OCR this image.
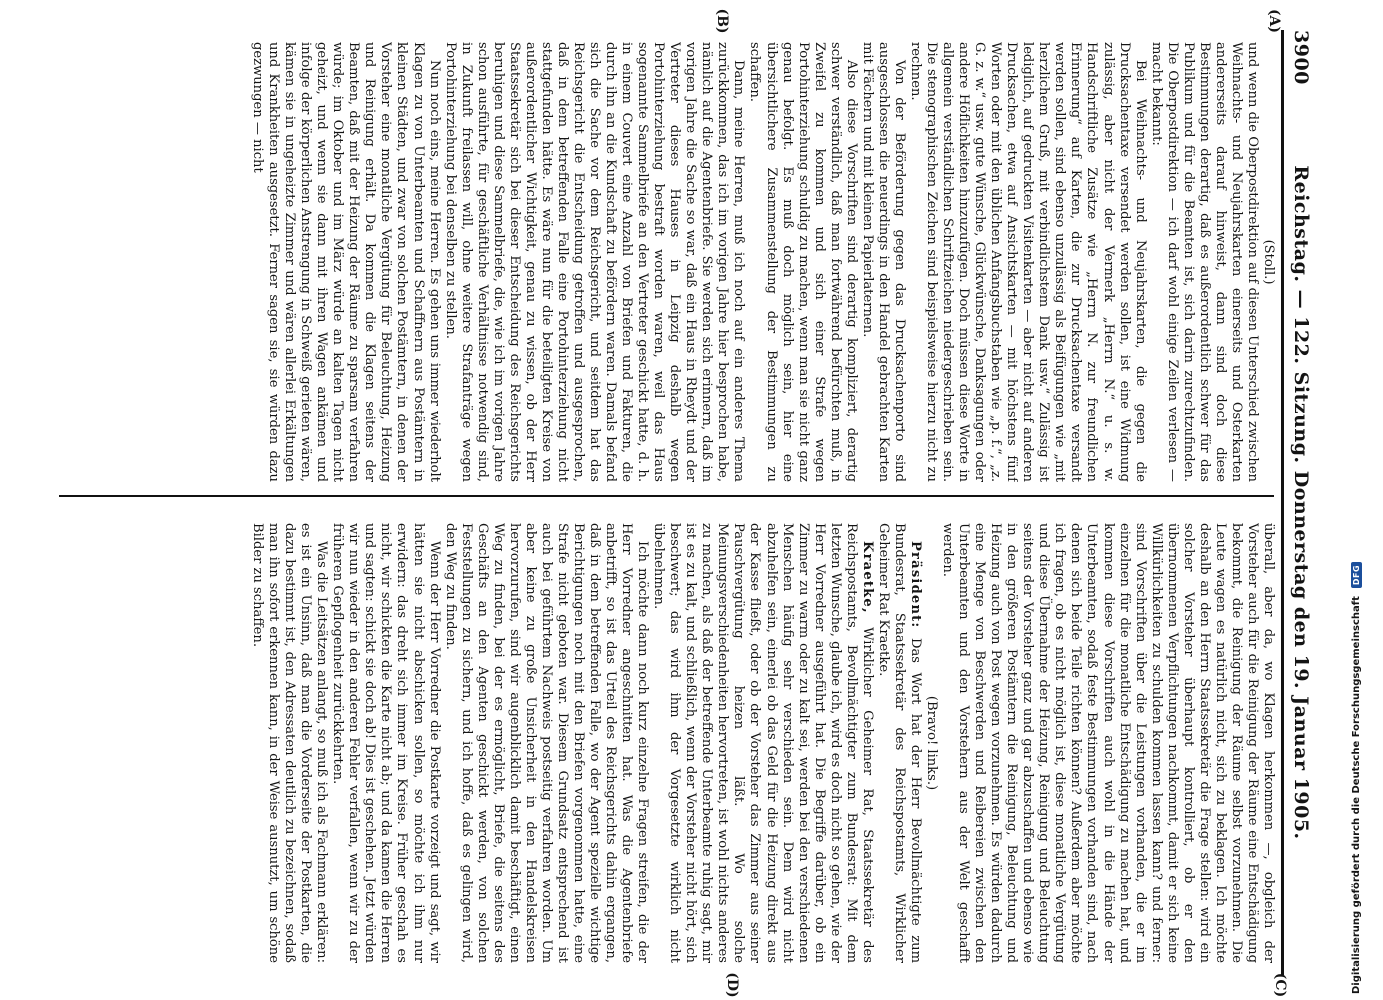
3900
Reichstag. — 122. Sitzung. Donnerstag den 19. Januar 1905.
(A)
(B)
(C)
(D)

(Stoll.)

und wenn die Oberpostdirektion auf diesen Unterschied zwischen Weihnachts- und Neujahrskarten einerseits und Osterkarten andererseits darauf hinweist, dann sind doch diese Bestimmungen derartig, daß es außerordentlich schwer für das Publikum und für die Beamten ist, sich darin zurechtzufinden. Die Oberpostdirektion — ich darf wohl einige Zeilen verlesen — macht bekannt:

Bei Weihnachts- und Neujahrskarten, die gegen die Drucksachentaxe versendet werden sollen, ist eine Widmung zulässig, aber nicht der Vermerk „Herrn N.“ u. s. w. Handschriftliche Zusätze wie „Herrn N. zur freundlichen Erinnerung“ auf Karten, die zur Drucksachentaxe versandt werden sollen, sind ebenso unzulässig als Beifügungen wie „mit herzlichem Gruß, mit verbindlichstem Dank usw.“ Zulässig ist lediglich, auf gedruckten Visitenkarten — aber nicht auf anderen Drucksachen, etwa auf Ansichtskarten — mit höchstens fünf Worten oder mit den üblichen Anfangsbuchstaben wie „p. f.“, „z. G. z. w.“ usw. gute Wünsche, Glückwünsche, Danksagungen oder andere Höflichkeiten hinzuzufügen. Doch müssen diese Worte in allgemein verständlichen Schriftzeichen niedergeschrieben sein. Die stenographischen Zeichen sind beispielsweise hierzu nicht zu rechnen.

Von der Beförderung gegen das Drucksachenporto sind ausgeschlossen die neuerdings in den Handel gebrachten Karten mit Fächern und mit kleinen Papierlaternen.

Also diese Vorschriften sind derartig kompliziert, derartig schwer verständlich, daß man fortwährend befürchten muß, in Zweifel zu kommen und sich einer Strafe wegen Portohinterziehung schuldig zu machen, wenn man sie nicht ganz genau befolgt. Es muß doch möglich sein, hier eine übersichtlichere Zusammenstellung der Bestimmungen zu schaffen.

Dann, meine Herren, muß ich noch auf ein anderes Thema zurückkommen, das ich im vorigen Jahre hier besprochen habe, nämlich auf die Agentenbriefe. Sie werden sich erinnern, daß im vorigen Jahre die Sache so war, daß ein Haus in Rheydt und der Vertreter dieses Hauses in Leipzig deshalb wegen Portohinterziehung bestraft worden waren, weil das Haus sogenannte Sammelbriefe an den Vertreter geschickt hatte, d. h. in einem Couvert eine Anzahl von Briefen und Fakturen, die durch ihn an die Kundschaft zu befördern waren. Damals befand sich die Sache vor dem Reichsgericht, und seitdem hat das Reichsgericht die Entscheidung getroffen und ausgesprochen, daß in dem betreffenden Falle eine Portohinterziehung nicht stattgefunden hätte. Es wäre nun für die beteiligten Kreise von außerordentlicher Wichtigkeit, genau zu wissen, ob der Herr Staatssekretär sich bei dieser Entscheidung des Reichsgerichts beruhigen und diese Sammelbriefe, die, wie ich im vorigen Jahre schon ausführte, für geschäftliche Verhältnisse notwendig sind, in Zukunft freilassen will, ohne weitere Strafanträge wegen Portohinterziehung bei denselben zu stellen.

Nun noch eins, meine Herren. Es gehen uns immer wiederholt Klagen zu von Unterbeamten und Schaffnern aus Postämtern in kleinen Städten, und zwar von solchen Postämtern, in denen der Vorsteher eine monatliche Vergütung für Beleuchtung, Heizung und Reinigung erhält. Da kommen die Klagen seitens der Beamten, daß mit der Heizung der Räume zu sparsam verfahren würde; im Oktober und im März würde an kalten Tagen nicht geheizt, und wenn sie dann mit ihren Wagen ankämen und infolge der körperlichen Anstrengung in Schweiß gerieten wären, kämen sie in ungeheizte Zimmer und wären allerlei Erkältungen und Krankheiten ausgesetzt. Ferner sagen sie, sie würden dazu gezwungen — nicht

überall, aber da, wo Klagen herkommen —, obgleich der Vorsteher auch für die Reinigung der Räume eine Entschädigung bekommt, die Reinigung der Räume selbst vorzunehmen. Die Leute wagen es natürlich nicht, sich zu beklagen. Ich möchte deshalb an den Herrn Staatssekretär die Frage stellen: wird ein solcher Vorsteher überhaupt kontrolliert, ob er den übernommenen Verpflichtungen nachkommt, damit er sich keine Willkürlichkeiten zu schulden kommen lassen kann? und ferner: sind Vorschriften über die Leistungen vorhanden, die er im einzelnen für die monatliche Entschädigung zu machen hat, und kommen diese Vorschriften auch wohl in die Hände der Unterbeamten, sodaß feste Bestimmungen vorhanden sind, nach denen sich beide Teile richten können? Außerdem aber möchte ich fragen, ob es nicht möglich ist, diese monatliche Vergütung und diese Übernahme der Heizung, Reinigung und Beleuchtung seitens der Vorsteher ganz und gar abzuschaffen und ebenso wie in den größeren Postämtern die Reinigung, Beleuchtung und Heizung auch von Post wegen vorzunehmen. Es würden dadurch eine Menge von Beschwerden und Reibereien zwischen den Unterbeamten und den Vorstehern aus der Welt geschafft werden.

(Bravo! links.)

Präsident: Das Wort hat der Herr Bevollmächtigte zum Bundesrat, Staatssekretär des Reichspostamts, Wirklicher Geheimer Rat Kraetke.

Kraetke, Wirklicher Geheimer Rat, Staatssekretär des Reichspostamts, Bevollmächtigter zum Bundesrat: Mit dem letzten Wunsche, glaube ich, wird es doch nicht so gehen, wie der Herr Vorredner ausgeführt hat. Die Begriffe darüber, ob ein Zimmer zu warm oder zu kalt sei, werden bei den verschiedenen Menschen häufig sehr verschieden sein. Dem wird nicht abzuhelfen sein, einerlei ob das Geld für die Heizung direkt aus der Kasse fließt, oder ob der Vorsteher das Zimmer aus seiner Pauschvergütung heizen läßt. Wo solche Meinungsverschiedenheiten hervortreten, ist wohl nichts anderes zu machen, als daß der betreffende Unterbeamte ruhig sagt, mir ist es zu kalt, und schließlich, wenn der Vorsteher nicht hört, sich beschwert; das wird ihm der Vorgesetzte wirklich nicht übelnehmen.

Ich möchte dann noch kurz einzelne Fragen streifen, die der Herr Vorredner angeschnitten hat. Was die Agentenbriefe anbetrifft, so ist das Urteil des Reichsgerichts dahin ergangen, daß in dem betreffenden Falle, wo der Agent spezielle wichtige Berichtigungen noch mit den Briefen vorgenommen hatte, eine Strafe nicht geboten war. Diesem Grundsatz entsprechend ist auch bei geführtem Nachweis postseitig verfahren worden. Um aber keine zu große Unsicherheit in den Handelskreisen hervorzurufen, sind wir augenblicklich damit beschäftigt, einen Weg zu finden, bei der es ermöglicht, Briefe, die seitens des Geschäfts an den Agenten geschickt werden, von solchen Feststellungen zu sichern, und ich hoffe, daß es gelingen wird, den Weg zu finden.

Wenn der Herr Vorredner die Postkarte vorzeigt und sagt, wir hätten sie nicht abschicken sollen, so möchte ich ihm nur erwidern: das dreht sich immer im Kreise. Früher geschah es nicht, wir schickten die Karte nicht ab; und da kamen die Herren und sagten: schickt sie doch ab! Dies ist geschehen. Jetzt würden wir nun wieder in den anderen Fehler verfallen, wenn wir zu der früheren Gepflogenheit zurückkehrten.

Was die Leitsätzen anlangt, so muß ich als Fachmann erklären: es ist ein Unsinn, daß man die Vorderseite der Postkarten, die dazu bestimmt ist, den Adressaten deutlich zu bezeichnen, sodaß man ihn sofort erkennen kann, in der Weise ausnutzt, um schöne Bilder zu schaffen.

Digitalisierung gefördert durch die Deutsche Forschungsgemeinschaft
DFG
